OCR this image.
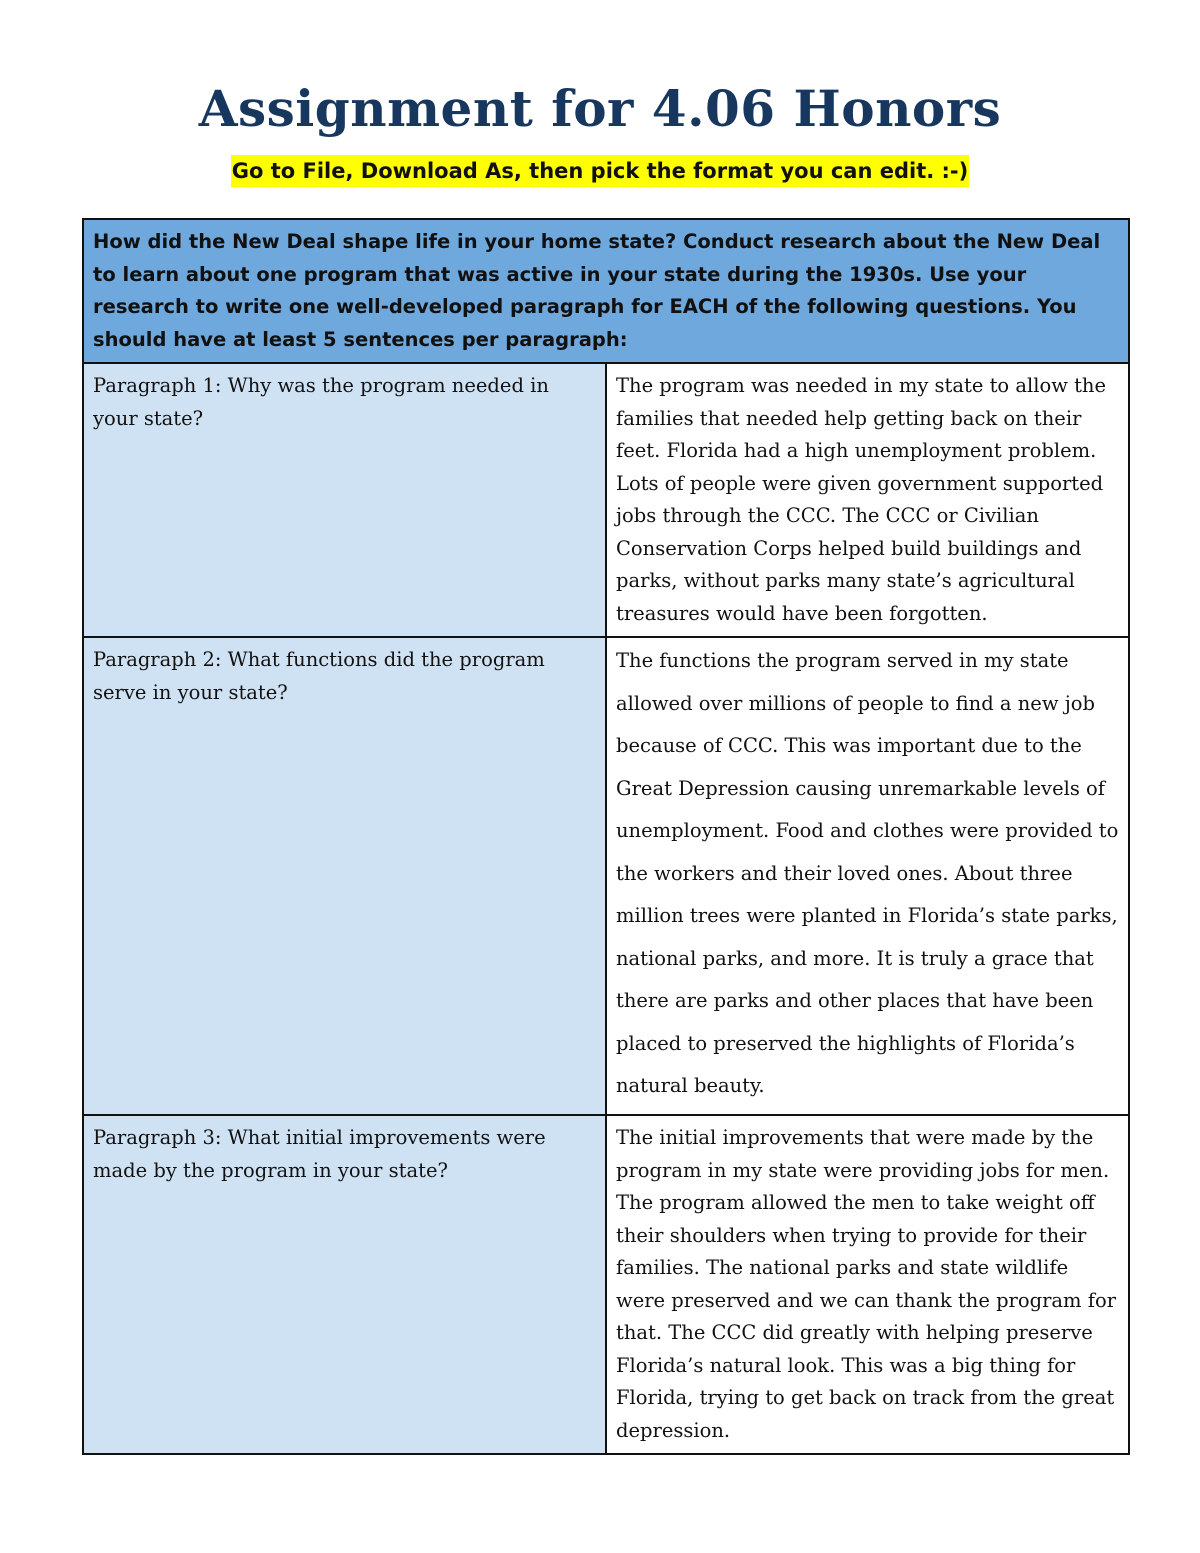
Assignment for 4.06 Honors
Go to File, Download As, then pick the format you can edit. :-)
How did the New Deal shape life in your home state? Conduct research about the New Deal to learn about one program that was active in your state during the 1930s. Use your research to write one well-developed paragraph for EACH of the following questions. You should have at least 5 sentences per paragraph:	
Paragraph 1: Why was the program needed in your state?	The program was needed in my state to allow the families that needed help getting back on their feet. Florida had a high unemployment problem. Lots of people were given government supported jobs through the CCC. The CCC or Civilian Conservation Corps helped build buildings and parks, without parks many state’s agricultural treasures would have been forgotten.
Paragraph 2: What functions did the program serve in your state?	The functions the program served in my state allowed over millions of people to find a new job because of CCC. This was important due to the Great Depression causing unremarkable levels of unemployment. Food and clothes were provided to the workers and their loved ones. About three million trees were planted in Florida’s state parks, national parks, and more. It is truly a grace that there are parks and other places that have been placed to preserved the highlights of Florida’s natural beauty.
Paragraph 3: What initial improvements were made by the program in your state?	The initial improvements that were made by the program in my state were providing jobs for men. The program allowed the men to take weight off their shoulders when trying to provide for their families. The national parks and state wildlife were preserved and we can thank the program for that. The CCC did greatly with helping preserve Florida’s natural look. This was a big thing for Florida, trying to get back on track from the great depression.
